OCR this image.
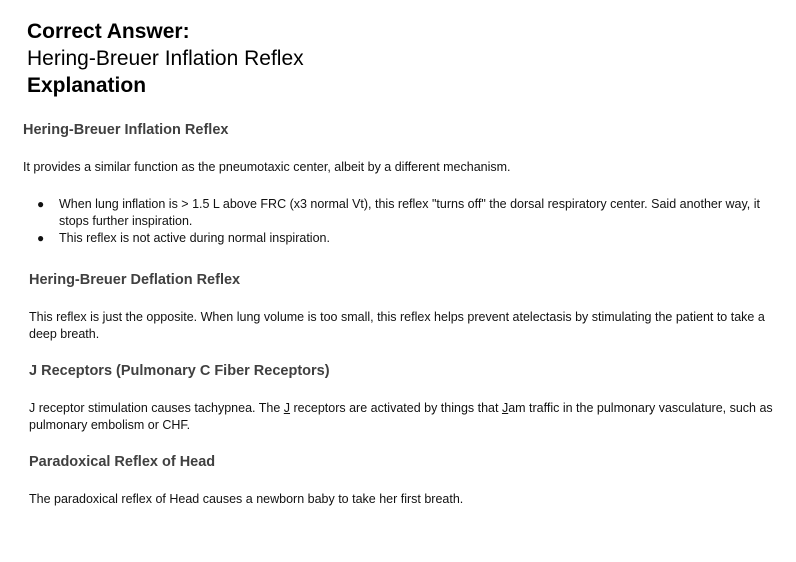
Correct Answer:
Hering-Breuer Inflation Reflex
Explanation
Hering-Breuer Inflation Reflex
It provides a similar function as the pneumotaxic center, albeit by a different mechanism.
● When lung inflation is > 1.5 L above FRC (x3 normal Vt), this reflex "turns off" the dorsal respiratory center. Said another way, it stops further inspiration.
● This reflex is not active during normal inspiration.
Hering-Breuer Deflation Reflex
This reflex is just the opposite. When lung volume is too small, this reflex helps prevent atelectasis by stimulating the patient to take a deep breath.
J Receptors (Pulmonary C Fiber Receptors)
J receptor stimulation causes tachypnea. The J receptors are activated by things that Jam traffic in the pulmonary vasculature, such as pulmonary embolism or CHF.
Paradoxical Reflex of Head
The paradoxical reflex of Head causes a newborn baby to take her first breath.
